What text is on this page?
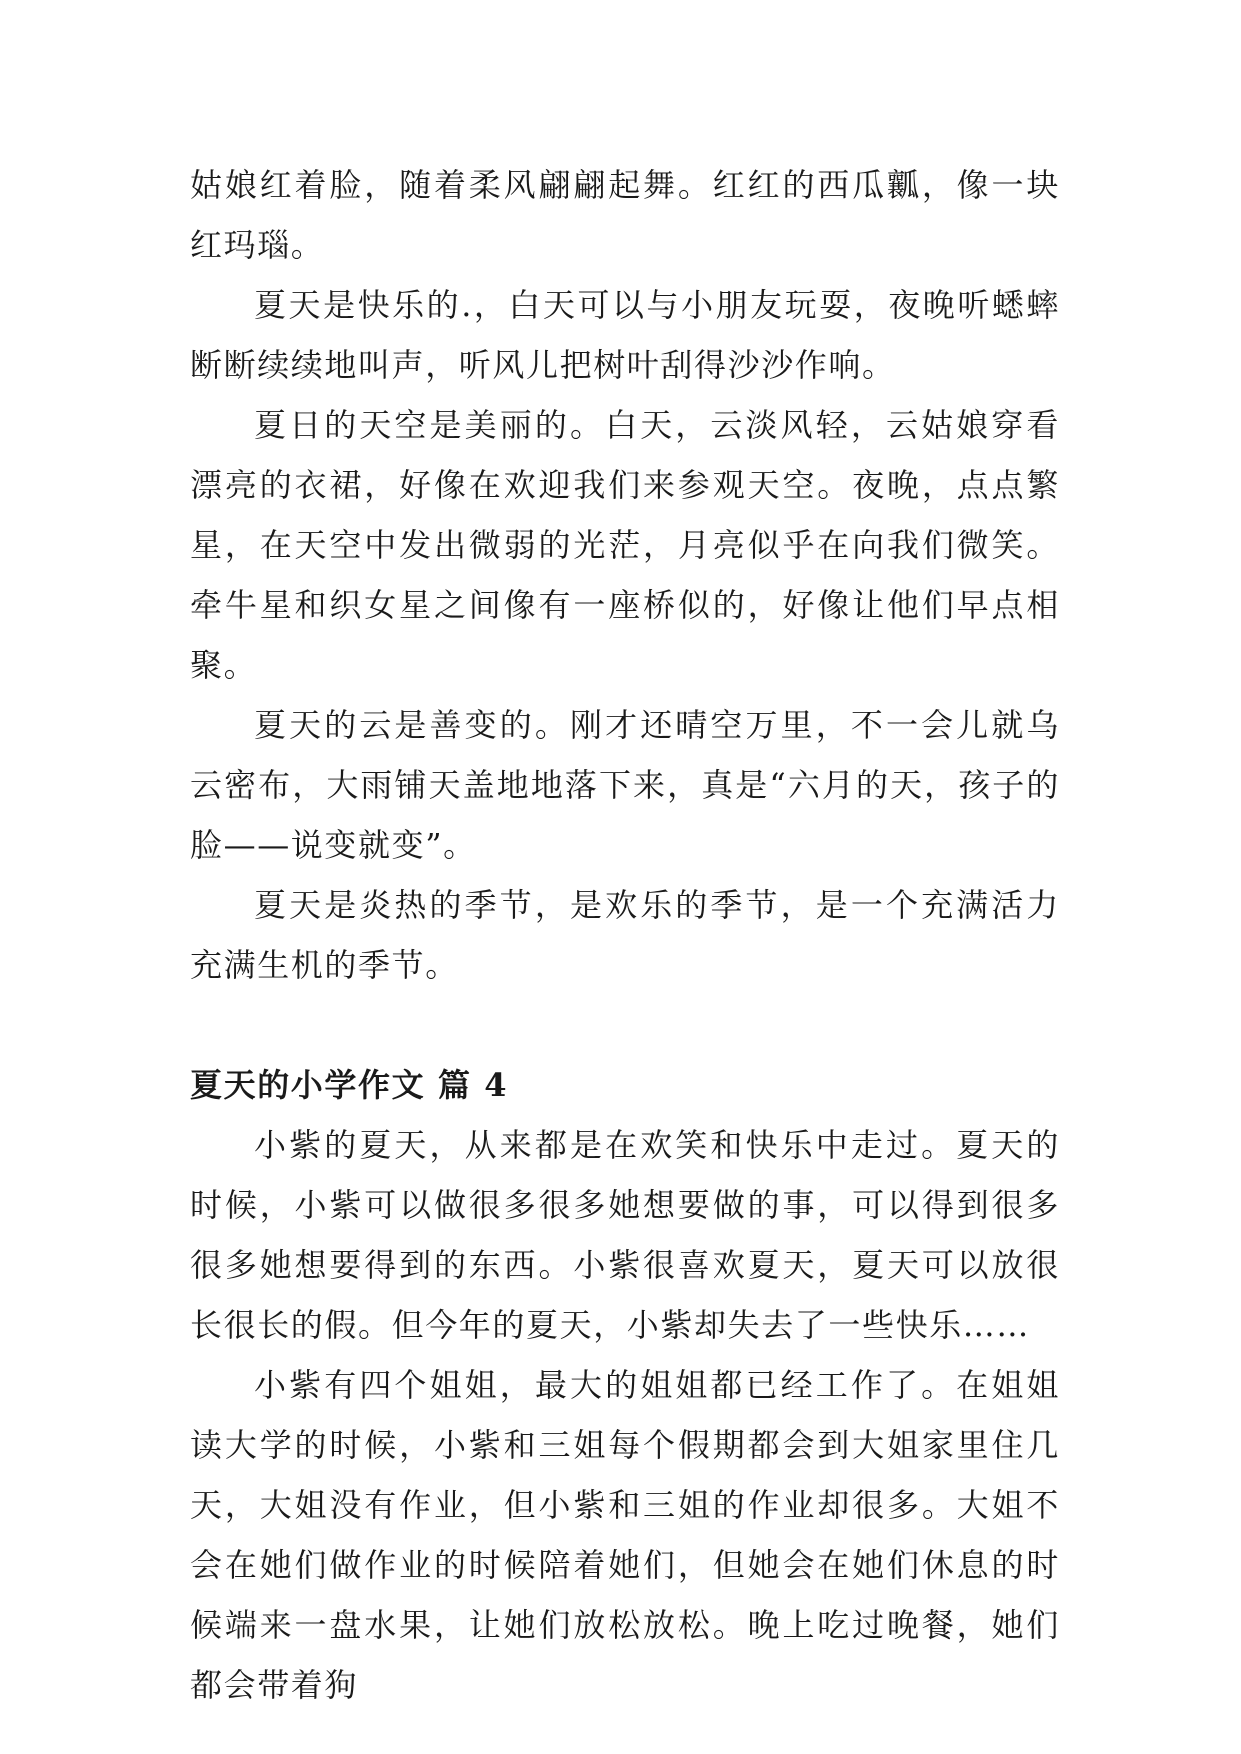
姑娘红着脸，随着柔风翩翩起舞。红红的西瓜瓤，像一块红玛瑙。

夏天是快乐的.，白天可以与小朋友玩耍，夜晚听蟋蟀断断续续地叫声，听风儿把树叶刮得沙沙作响。

夏日的天空是美丽的。白天，云淡风轻，云姑娘穿看漂亮的衣裙，好像在欢迎我们来参观天空。夜晚，点点繁星，在天空中发出微弱的光茫，月亮似乎在向我们微笑。牵牛星和织女星之间像有一座桥似的，好像让他们早点相聚。

夏天的云是善变的。刚才还晴空万里，不一会儿就乌云密布，大雨铺天盖地地落下来，真是“六月的天，孩子的脸——说变就变”。

夏天是炎热的季节，是欢乐的季节，是一个充满活力充满生机的季节。

夏天的小学作文 篇 4

小紫的夏天，从来都是在欢笑和快乐中走过。夏天的时候，小紫可以做很多很多她想要做的事，可以得到很多很多她想要得到的东西。小紫很喜欢夏天，夏天可以放很长很长的假。但今年的夏天，小紫却失去了一些快乐……

小紫有四个姐姐，最大的姐姐都已经工作了。在姐姐读大学的时候，小紫和三姐每个假期都会到大姐家里住几天，大姐没有作业，但小紫和三姐的作业却很多。大姐不会在她们做作业的时候陪着她们，但她会在她们休息的时候端来一盘水果，让她们放松放松。晚上吃过晚餐，她们都会带着狗
